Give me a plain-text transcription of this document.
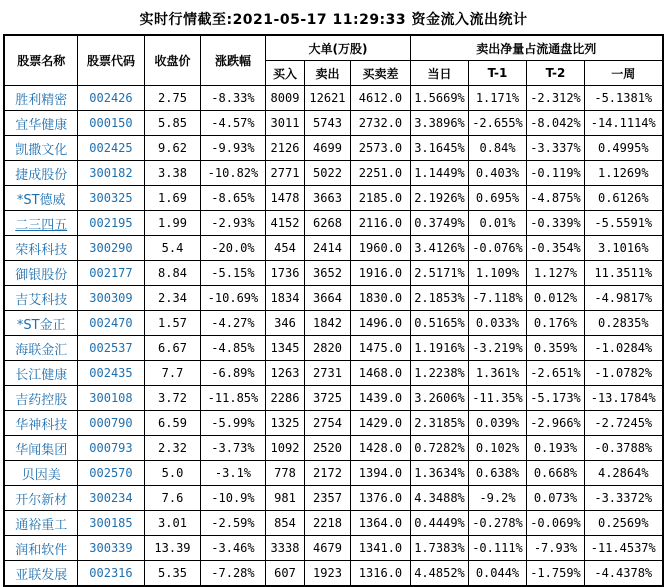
实时行情截至:2021-05-17 11:29:33 资金流入流出统计
股票名称	股票代码	收盘价	涨跌幅	大单(万股)			卖出净量占流通盘比列			
				买入	卖出	买卖差	当日	T-1	T-2	一周
胜利精密	002426	2.75	-8.33%	8009	12621	4612.0	1.5669%	1.171%	-2.312%	-5.1381%
宜华健康	000150	5.85	-4.57%	3011	5743	2732.0	3.3896%	-2.655%	-8.042%	-14.1114%
凯撒文化	002425	9.62	-9.93%	2126	4699	2573.0	3.1645%	0.84%	-3.337%	0.4995%
捷成股份	300182	3.38	-10.82%	2771	5022	2251.0	1.1449%	0.403%	-0.119%	1.1269%
*ST德威	300325	1.69	-8.65%	1478	3663	2185.0	2.1926%	0.695%	-4.875%	0.6126%
二三四五	002195	1.99	-2.93%	4152	6268	2116.0	0.3749%	0.01%	-0.339%	-5.5591%
荣科科技	300290	5.4	-20.0%	454	2414	1960.0	3.4126%	-0.076%	-0.354%	3.1016%
御银股份	002177	8.84	-5.15%	1736	3652	1916.0	2.5171%	1.109%	1.127%	11.3511%
吉艾科技	300309	2.34	-10.69%	1834	3664	1830.0	2.1853%	-7.118%	0.012%	-4.9817%
*ST金正	002470	1.57	-4.27%	346	1842	1496.0	0.5165%	0.033%	0.176%	0.2835%
海联金汇	002537	6.67	-4.85%	1345	2820	1475.0	1.1916%	-3.219%	0.359%	-1.0284%
长江健康	002435	7.7	-6.89%	1263	2731	1468.0	1.2238%	1.361%	-2.651%	-1.0782%
吉药控股	300108	3.72	-11.85%	2286	3725	1439.0	3.2606%	-11.35%	-5.173%	-13.1784%
华神科技	000790	6.59	-5.99%	1325	2754	1429.0	2.3185%	0.039%	-2.966%	-2.7245%
华闻集团	000793	2.32	-3.73%	1092	2520	1428.0	0.7282%	0.102%	0.193%	-0.3788%
贝因美	002570	5.0	-3.1%	778	2172	1394.0	1.3634%	0.638%	0.668%	4.2864%
开尔新材	300234	7.6	-10.9%	981	2357	1376.0	4.3488%	-9.2%	0.073%	-3.3372%
通裕重工	300185	3.01	-2.59%	854	2218	1364.0	0.4449%	-0.278%	-0.069%	0.2569%
润和软件	300339	13.39	-3.46%	3338	4679	1341.0	1.7383%	-0.111%	-7.93%	-11.4537%
亚联发展	002316	5.35	-7.28%	607	1923	1316.0	4.4852%	0.044%	-1.759%	-4.4378%
